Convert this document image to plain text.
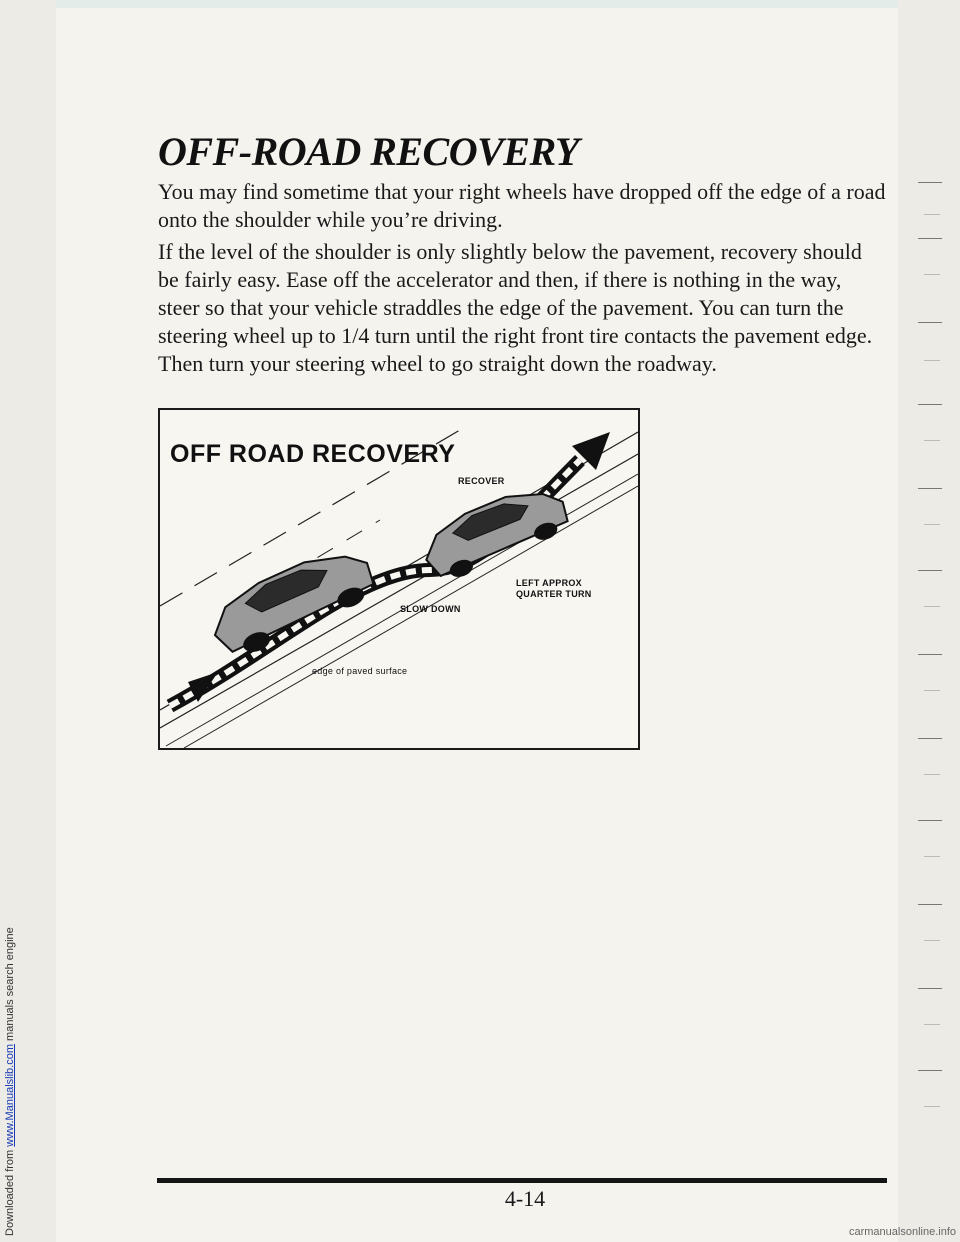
Downloaded from www.Manualslib.com manuals search engine
OFF-ROAD RECOVERY

You may find sometime that your right wheels have dropped off the edge of a road onto the shoulder while you’re driving.

If the level of the shoulder is only slightly below the pavement, recovery should be fairly easy. Ease off the accelerator and then, if there is nothing in the way, steer so that your vehicle straddles the edge of the pavement. You can turn the steering wheel up to 1/4 turn until the right front tire contacts the pavement edge. Then turn your steering wheel to go straight down the roadway.

OFF ROAD RECOVERY
RECOVER
LEFT APPROX
QUARTER TURN
SLOW DOWN
edge of paved surface
4-14
carmanualsonline.info
